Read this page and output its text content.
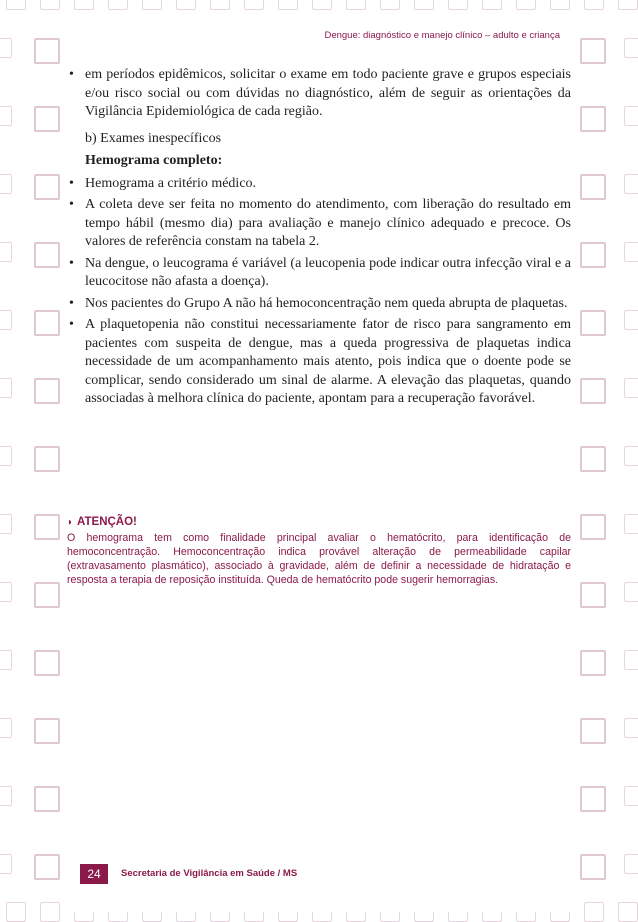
Dengue: diagnóstico e manejo clínico – adulto e criança
• em períodos epidêmicos, solicitar o exame em todo paciente grave e grupos especiais e/ou risco social ou com dúvidas no diagnóstico, além de seguir as orientações da Vigilância Epidemiológica de cada região.
b) Exames inespecíficos
Hemograma completo:
• Hemograma a critério médico.
• A coleta deve ser feita no momento do atendimento, com liberação do resultado em tempo hábil (mesmo dia) para avaliação e manejo clínico adequado e precoce. Os valores de referência constam na tabela 2.
• Na dengue, o leucograma é variável (a leucopenia pode indicar outra infecção viral e a leucocitose não afasta a doença).
• Nos pacientes do Grupo A não há hemoconcentração nem queda abrupta de plaquetas.
• A plaquetopenia não constitui necessariamente fator de risco para sangramento em pacientes com suspeita de dengue, mas a queda progressiva de plaquetas indica necessidade de um acompanhamento mais atento, pois indica que o doente pode se complicar, sendo considerado um sinal de alarme. A elevação das plaquetas, quando associadas à melhora clínica do paciente, apontam para a recuperação favorável.
◗ ATENÇÃO!
O hemograma tem como finalidade principal avaliar o hematócrito, para identificação de hemoconcentração. Hemoconcentração indica provável alteração de permeabilidade capilar (extravasamento plasmático), associado à gravidade, além de definir a necessidade de hidratação e resposta a terapia de reposição instituída. Queda de hematócrito pode sugerir hemorragias.
24	Secretaria de Vigilância em Saúde / MS
